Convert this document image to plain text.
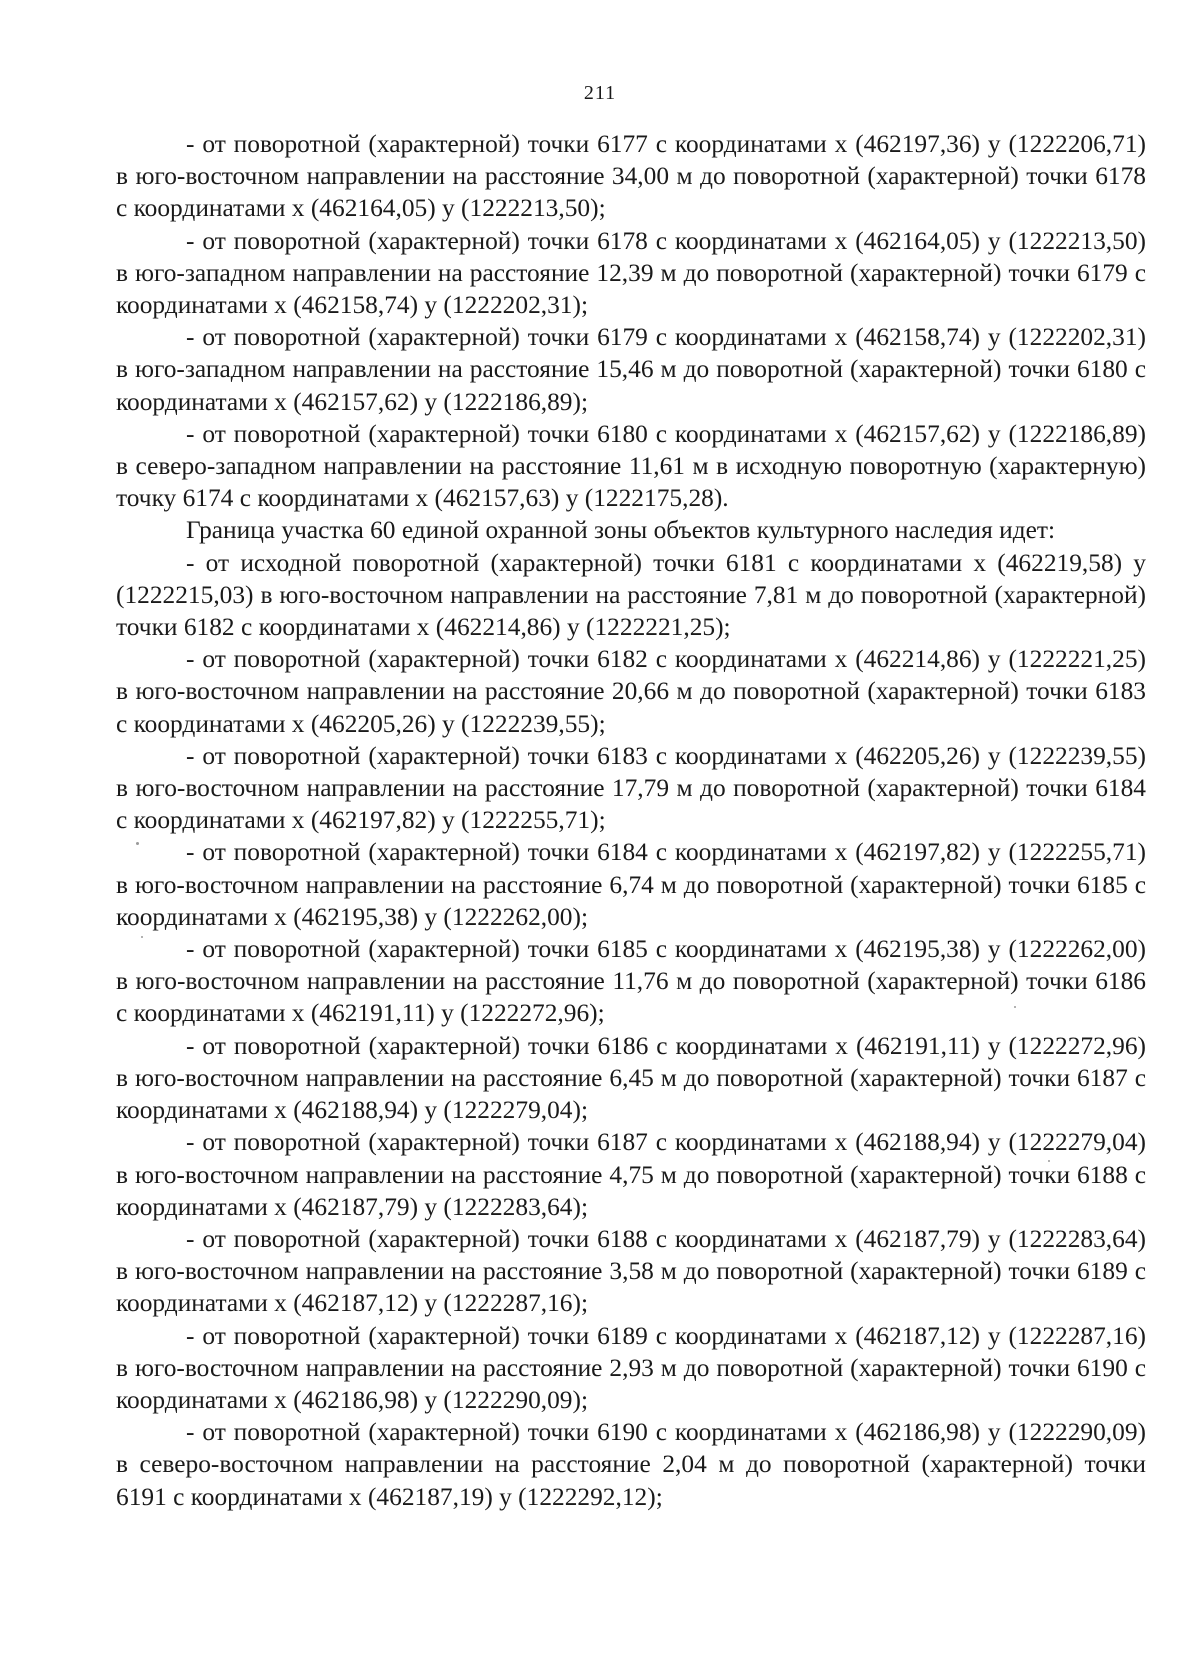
211

- от поворотной (характерной) точки 6177 с координатами х (462197,36) у (1222206,71) в юго-восточном направлении на расстояние 34,00 м до поворотной (характерной) точки 6178 с координатами х (462164,05) у (1222213,50);

- от поворотной (характерной) точки 6178 с координатами х (462164,05) у (1222213,50) в юго-западном направлении на расстояние 12,39 м до поворотной (характерной) точки 6179 с координатами х (462158,74) у (1222202,31);

- от поворотной (характерной) точки 6179 с координатами х (462158,74) у (1222202,31) в юго-западном направлении на расстояние 15,46 м до поворотной (характерной) точки 6180 с координатами х (462157,62) у (1222186,89);

- от поворотной (характерной) точки 6180 с координатами х (462157,62) у (1222186,89) в северо-западном направлении на расстояние 11,61 м в исходную поворотную (характерную) точку 6174 с координатами х (462157,63) у (1222175,28).

Граница участка 60 единой охранной зоны объектов культурного наследия идет:

- от исходной поворотной (характерной) точки 6181 с координатами х (462219,58) у (1222215,03) в юго-восточном направлении на расстояние 7,81 м до поворотной (характерной) точки 6182 с координатами х (462214,86) у (1222221,25);

- от поворотной (характерной) точки 6182 с координатами х (462214,86) у (1222221,25) в юго-восточном направлении на расстояние 20,66 м до поворотной (характерной) точки 6183 с координатами х (462205,26) у (1222239,55);

- от поворотной (характерной) точки 6183 с координатами х (462205,26) у (1222239,55) в юго-восточном направлении на расстояние 17,79 м до поворотной (характерной) точки 6184 с координатами х (462197,82) у (1222255,71);

- от поворотной (характерной) точки 6184 с координатами х (462197,82) у (1222255,71) в юго-восточном направлении на расстояние 6,74 м до поворотной (характерной) точки 6185 с координатами х (462195,38) у (1222262,00);

- от поворотной (характерной) точки 6185 с координатами х (462195,38) у (1222262,00) в юго-восточном направлении на расстояние 11,76 м до поворотной (характерной) точки 6186 с координатами х (462191,11) у (1222272,96);

- от поворотной (характерной) точки 6186 с координатами х (462191,11) у (1222272,96) в юго-восточном направлении на расстояние 6,45 м до поворотной (характерной) точки 6187 с координатами х (462188,94) у (1222279,04);

- от поворотной (характерной) точки 6187 с координатами х (462188,94) у (1222279,04) в юго-восточном направлении на расстояние 4,75 м до поворотной (характерной) точки 6188 с координатами х (462187,79) у (1222283,64);

- от поворотной (характерной) точки 6188 с координатами х (462187,79) у (1222283,64) в юго-восточном направлении на расстояние 3,58 м до поворотной (характерной) точки 6189 с координатами х (462187,12) у (1222287,16);

- от поворотной (характерной) точки 6189 с координатами х (462187,12) у (1222287,16) в юго-восточном направлении на расстояние 2,93 м до поворотной (характерной) точки 6190 с координатами х (462186,98) у (1222290,09);

- от поворотной (характерной) точки 6190 с координатами х (462186,98) у (1222290,09) в северо-восточном направлении на расстояние 2,04 м до поворотной (характерной) точки 6191 с координатами х (462187,19) у (1222292,12);
